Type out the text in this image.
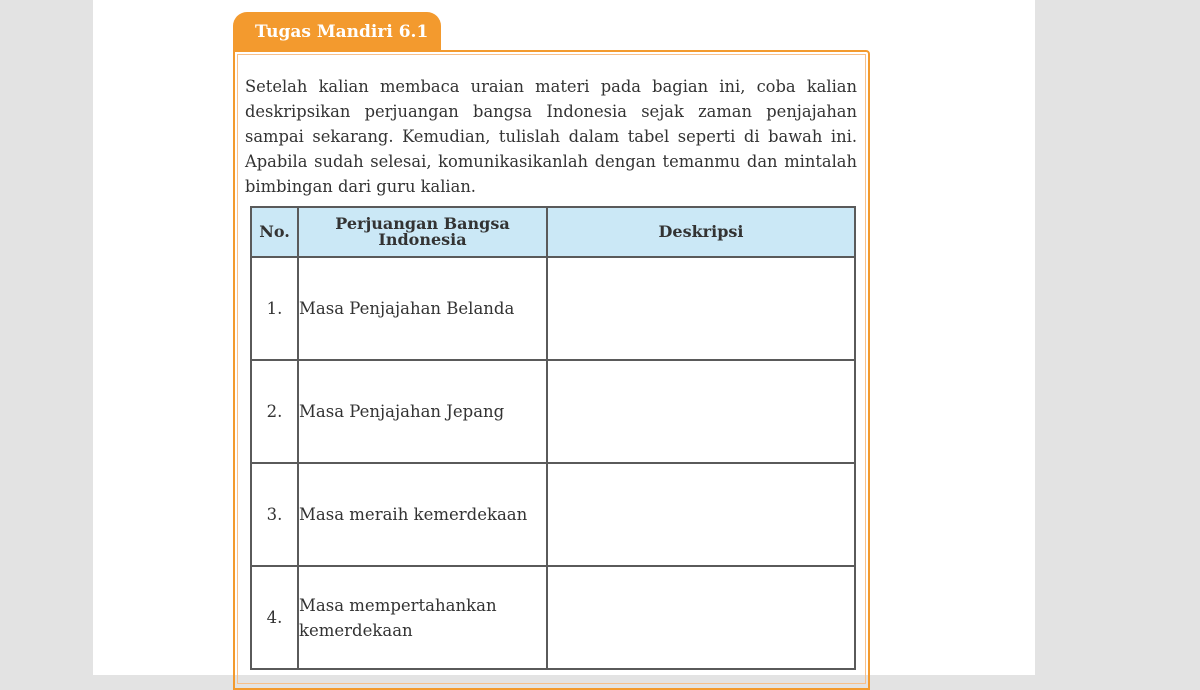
Tugas Mandiri 6.1

Setelah kalian membaca uraian materi pada bagian ini, coba kalian deskripsikan perjuangan bangsa Indonesia sejak zaman penjajahan sampai sekarang. Kemudian, tulislah dalam tabel seperti di bawah ini. Apabila sudah selesai, komunikasikanlah dengan temanmu dan mintalah bimbingan dari guru kalian.

No.	Perjuangan Bangsa Indonesia	Deskripsi
1.	Masa Penjajahan Belanda	
2.	Masa Penjajahan Jepang	
3.	Masa meraih kemerdekaan	
4.	Masa mempertahankan kemerdekaan	
